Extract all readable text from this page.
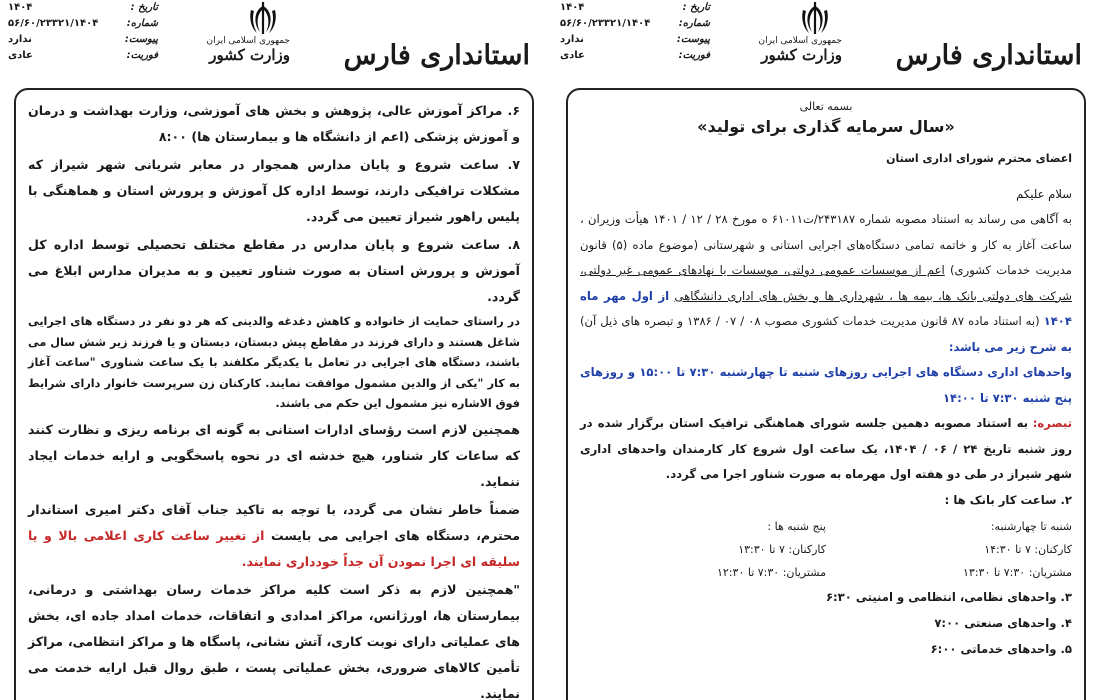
استانداری فارس
جمهوری اسلامی ایران
وزارت کشور
تاریخ :
۱۴۰۴
شماره:
۵۶/۶۰/۲۳۳۲۱/۱۴۰۴
پیوست:
ندارد
فوریت:
عادی

۶. مراکز آموزش عالی، پژوهش و بخش های آموزشی، وزارت بهداشت و درمان و آموزش پزشکی (اعم از دانشگاه ها و بیمارستان ها) ۸:۰۰

۷. ساعت شروع و پایان مدارس همجوار در معابر شریانی شهر شیراز که مشکلات ترافیکی دارند، توسط اداره کل آموزش و پرورش استان و هماهنگی با پلیس راهور شیراز تعیین می گردد.

۸. ساعت شروع و پایان مدارس در مقاطع مختلف تحصیلی توسط اداره کل آموزش و پرورش استان به صورت شناور تعیین و به مدیران مدارس ابلاغ می گردد.

در راستای حمایت از خانواده و کاهش دغدغه والدینی که هر دو نفر در دستگاه های اجرایی شاغل هستند و دارای فرزند در مقاطع پیش دبستان، دبستان و یا فرزند زیر شش سال می باشند، دستگاه های اجرایی در تعامل با یکدیگر مکلفند با یک ساعت شناوری "ساعت آغاز به کار "یکی از والدین مشمول موافقت نمایند. کارکنان زن سرپرست خانوار دارای شرایط فوق الاشاره نیز مشمول این حکم می باشند.

همچنین لازم است رؤسای ادارات استانی به گونه ای برنامه ریزی و نظارت کنند که ساعات کار شناور، هیچ خدشه ای در نحوه پاسخگویی و ارایه خدمات ایجاد ننماید.

ضمناً خاطر نشان می گردد، با توجه به تاکید جناب آقای دکتر امیری استاندار محترم، دستگاه های اجرایی می بایست از تغییر ساعت کاری اعلامی بالا و یا سلیقه ای اجرا نمودن آن جداً خودداری نمایند.

"همچنین لازم به ذکر است کلیه مراکز خدمات رسان بهداشتی و درمانی، بیمارستان ها، اورژانس، مراکز امدادی و اتفاقات، خدمات امداد جاده ای، بخش های عملیاتی دارای نوبت کاری، آتش نشانی، پاسگاه ها و مراکز انتظامی، مراکز تأمین کالاهای ضروری، بخش عملیاتی پست ، طبق روال قبل ارایه خدمت می نمایند.

استانداری فارس
جمهوری اسلامی ایران
وزارت کشور
تاریخ :
۱۴۰۴
شماره:
۵۶/۶۰/۲۳۳۲۱/۱۴۰۴
پیوست:
ندارد
فوریت:
عادی
بسمه تعالی
«سال سرمایه گذاری برای تولید»

اعضای محترم شورای اداری استان

سلام علیکم

به آگاهی می رساند به استناد مصوبه شماره ۲۴۳۱۸۷/ت۶۱۰۱۱ ه مورخ ۲۸ / ۱۲ / ۱۴۰۱ هیأت وزیران ، ساعت آغاز به کار و خاتمه تمامی دستگاه‌های اجرایی استانی و شهرستانی (موضوع ماده (۵) قانون مدیریت خدمات کشوری) اعم از موسسات عمومی دولتی، موسسات یا نهادهای عمومی غیر دولتی، شرکت های دولتی بانک ها، بیمه ها ، شهرداری ها و بخش های اداری دانشگاهی از اول مهر ماه ۱۴۰۴ (به استناد ماده ۸۷ قانون مدیریت خدمات کشوری مصوب ۰۸ / ۰۷ / ۱۳۸۶ و تبصره های ذیل آن) به شرح زیر می باشد:

واحدهای اداری دستگاه های اجرایی روزهای شنبه تا چهارشنبه ۷:۳۰ تا ۱۵:۰۰ و روزهای پنج شنبه ۷:۳۰ تا ۱۴:۰۰

تبصره: به استناد مصوبه دهمین جلسه شورای هماهنگی ترافیک استان برگزار شده در روز شنبه تاریخ ۲۴ / ۰۶ / ۱۴۰۴، یک ساعت اول شروع کار کارمندان واحدهای اداری شهر شیراز در طی دو هفته اول مهرماه به صورت شناور اجرا می گردد.

۲. ساعت کار بانک ها :

شنبه تا چهارشنبه:
کارکنان: ۷ تا ۱۴:۳۰
مشتریان: ۷:۳۰ تا ۱۳:۳۰
پنج شنبه ها :
کارکنان: ۷ تا ۱۳:۳۰
مشتریان: ۷:۳۰ تا ۱۲:۳۰

۳. واحدهای نظامی، انتظامی و امنیتی ۶:۳۰

۴. واحدهای صنعتی ۷:۰۰

۵. واحدهای خدماتی ۶:۰۰
